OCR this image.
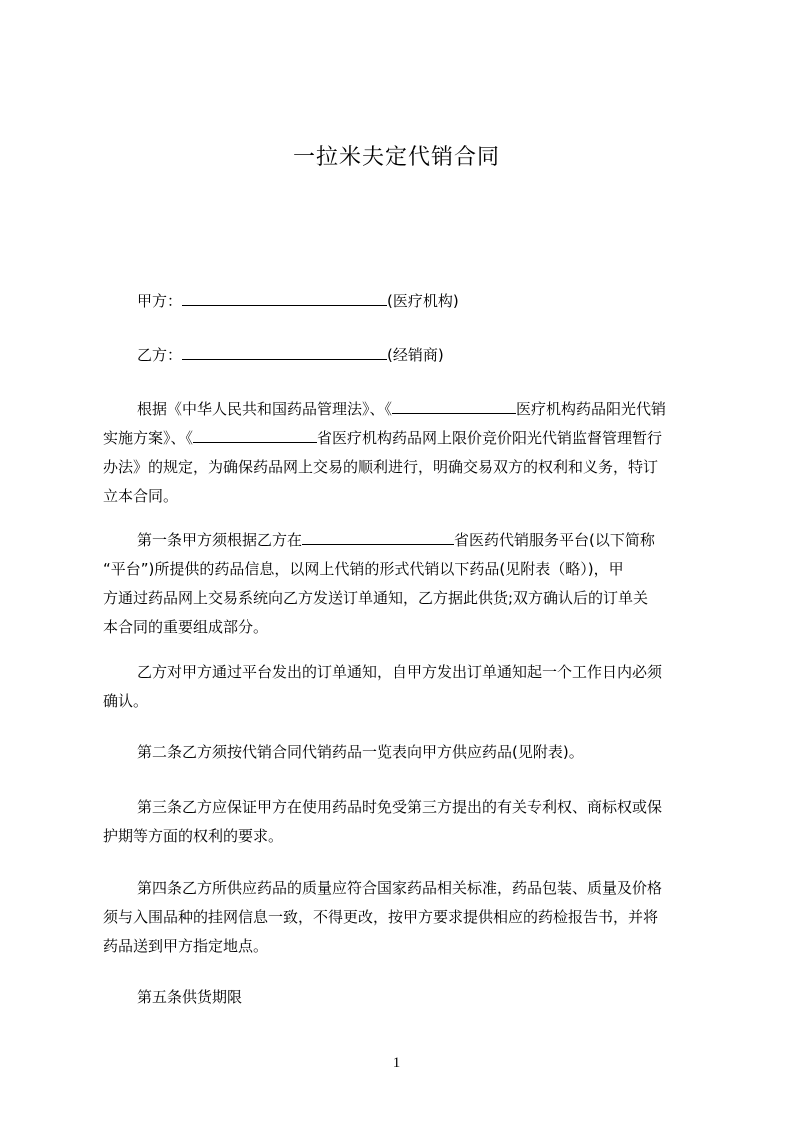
一拉米夫定代销合同
甲方：	(医疗机构)
乙方：	(经销商)
根据《中华人民共和国药品管理法》、《	医疗机构药品阳光代销
实施方案》、《	省医疗机构药品网上限价竞价阳光代销监督管理暂行
办法》的规定，为确保药品网上交易的顺利进行，明确交易双方的权利和义务，特订
立本合同。
第一条甲方须根据乙方在	省医药代销服务平台(以下简称
“平台”)所提供的药品信息，以网上代销的形式代销以下药品(见附表（略）)，甲
方通过药品网上交易系统向乙方发送订单通知，乙方据此供货;双方确认后的订单关
本合同的重要组成部分。
乙方对甲方通过平台发出的订单通知，自甲方发出订单通知起一个工作日内必须
确认。
第二条乙方须按代销合同代销药品一览表向甲方供应药品(见附表)。
第三条乙方应保证甲方在使用药品时免受第三方提出的有关专利权、商标权或保
护期等方面的权利的要求。
第四条乙方所供应药品的质量应符合国家药品相关标准，药品包装、质量及价格
须与入围品种的挂网信息一致，不得更改，按甲方要求提供相应的药检报告书，并将
药品送到甲方指定地点。
第五条供货期限
1
